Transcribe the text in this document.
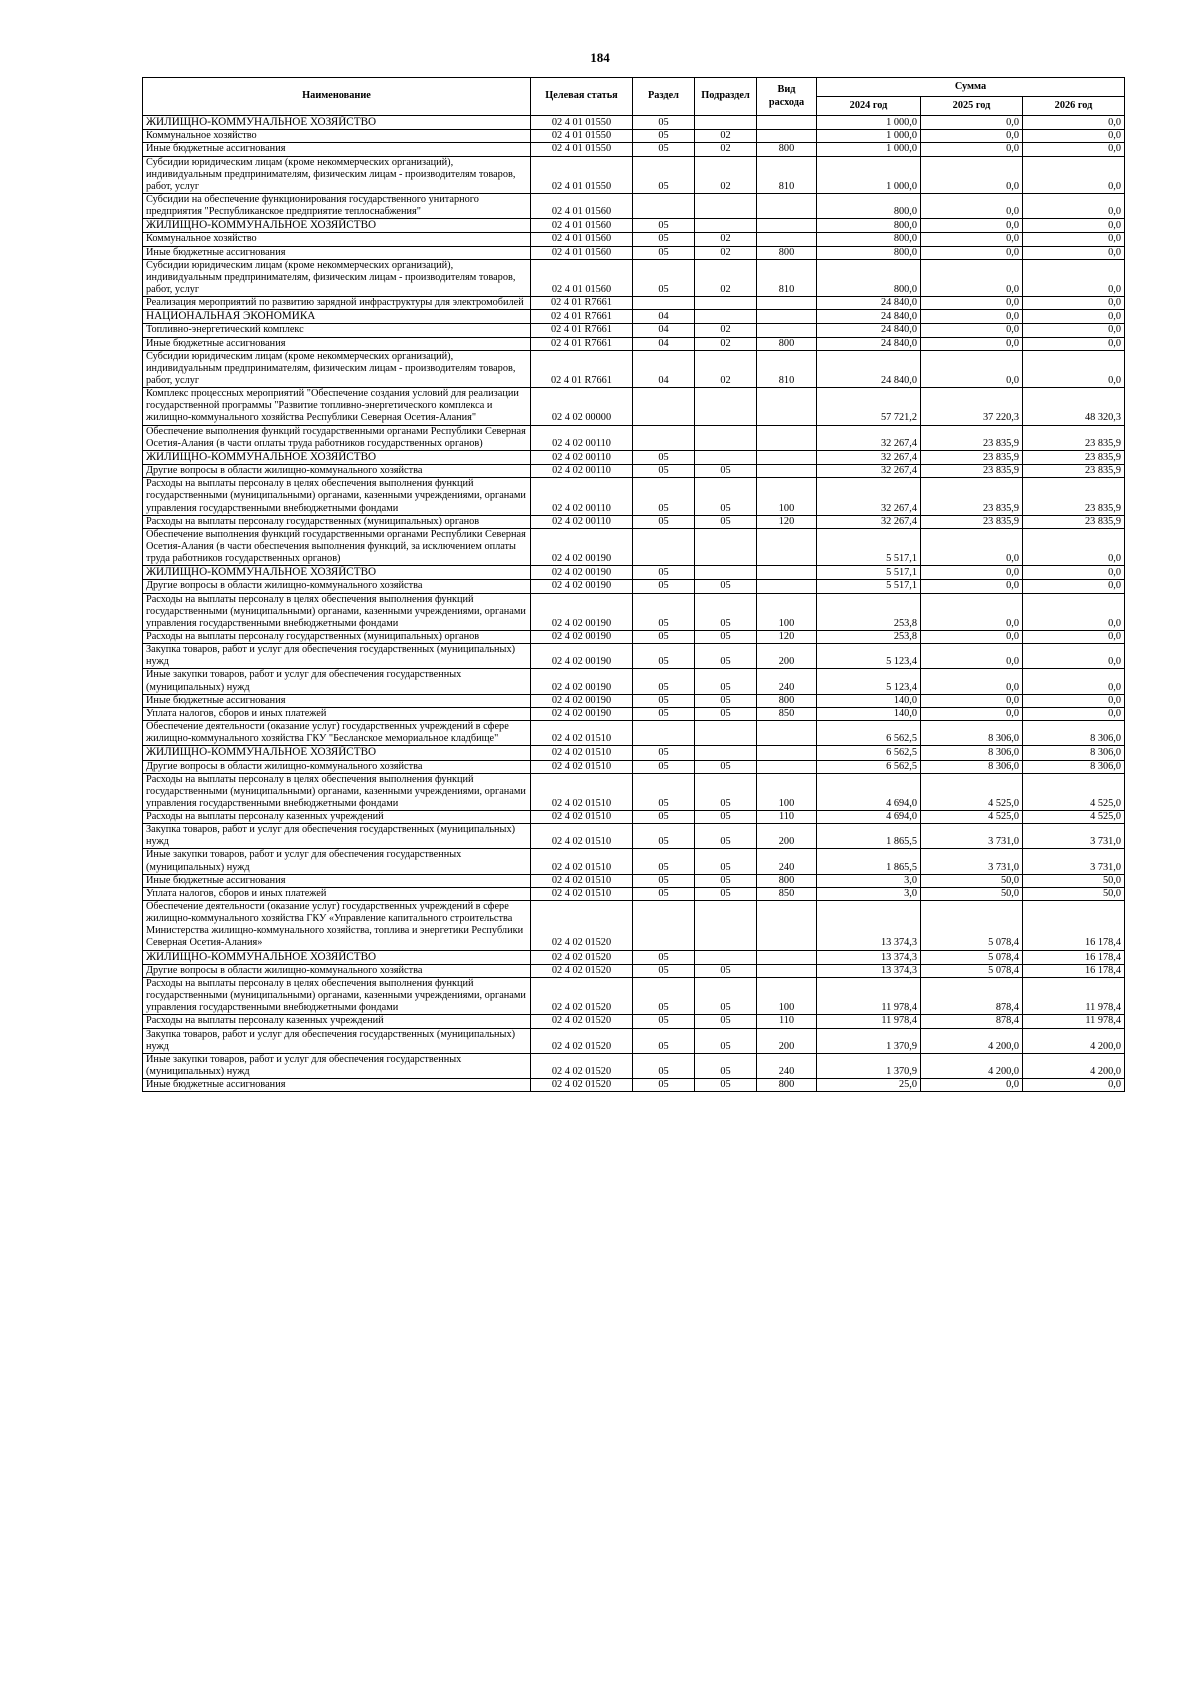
184
Наименование	Целевая статья	Раздел	Подраздел	Вид расхода	Сумма		
					2024 год	2025 год	2026 год
ЖИЛИЩНО-КОММУНАЛЬНОЕ ХОЗЯЙСТВО	02 4 01 01550	05			1 000,0	0,0	0,0
Коммунальное хозяйство	02 4 01 01550	05	02		1 000,0	0,0	0,0
Иные бюджетные ассигнования	02 4 01 01550	05	02	800	1 000,0	0,0	0,0
Субсидии юридическим лицам (кроме некоммерческих организаций), индивидуальным предпринимателям, физическим лицам - производителям товаров, работ, услуг	02 4 01 01550	05	02	810	1 000,0	0,0	0,0
Субсидии на обеспечение функционирования государственного унитарного предприятия "Республиканское предприятие теплоснабжения"	02 4 01 01560				800,0	0,0	0,0
ЖИЛИЩНО-КОММУНАЛЬНОЕ ХОЗЯЙСТВО	02 4 01 01560	05			800,0	0,0	0,0
Коммунальное хозяйство	02 4 01 01560	05	02		800,0	0,0	0,0
Иные бюджетные ассигнования	02 4 01 01560	05	02	800	800,0	0,0	0,0
Субсидии юридическим лицам (кроме некоммерческих организаций), индивидуальным предпринимателям, физическим лицам - производителям товаров, работ, услуг	02 4 01 01560	05	02	810	800,0	0,0	0,0
Реализация мероприятий по развитию зарядной инфраструктуры для электромобилей	02 4 01 R7661				24 840,0	0,0	0,0
НАЦИОНАЛЬНАЯ ЭКОНОМИКА	02 4 01 R7661	04			24 840,0	0,0	0,0
Топливно-энергетический комплекс	02 4 01 R7661	04	02		24 840,0	0,0	0,0
Иные бюджетные ассигнования	02 4 01 R7661	04	02	800	24 840,0	0,0	0,0
Субсидии юридическим лицам (кроме некоммерческих организаций), индивидуальным предпринимателям, физическим лицам - производителям товаров, работ, услуг	02 4 01 R7661	04	02	810	24 840,0	0,0	0,0
Комплекс процессных мероприятий "Обеспечение создания условий для реализации государственной программы "Развитие топливно-энергетического комплекса и жилищно-коммунального хозяйства Республики Северная Осетия-Алания"	02 4 02 00000				57 721,2	37 220,3	48 320,3
Обеспечение выполнения функций государственными органами Республики Северная Осетия-Алания (в части оплаты труда работников государственных органов)	02 4 02 00110				32 267,4	23 835,9	23 835,9
ЖИЛИЩНО-КОММУНАЛЬНОЕ ХОЗЯЙСТВО	02 4 02 00110	05			32 267,4	23 835,9	23 835,9
Другие вопросы в области жилищно-коммунального хозяйства	02 4 02 00110	05	05		32 267,4	23 835,9	23 835,9
Расходы на выплаты персоналу в целях обеспечения выполнения функций государственными (муниципальными) органами, казенными учреждениями, органами управления государственными внебюджетными фондами	02 4 02 00110	05	05	100	32 267,4	23 835,9	23 835,9
Расходы на выплаты персоналу государственных (муниципальных) органов	02 4 02 00110	05	05	120	32 267,4	23 835,9	23 835,9
Обеспечение выполнения функций государственными органами Республики Северная Осетия-Алания (в части обеспечения выполнения функций, за исключением оплаты труда работников государственных органов)	02 4 02 00190				5 517,1	0,0	0,0
ЖИЛИЩНО-КОММУНАЛЬНОЕ ХОЗЯЙСТВО	02 4 02 00190	05			5 517,1	0,0	0,0
Другие вопросы в области жилищно-коммунального хозяйства	02 4 02 00190	05	05		5 517,1	0,0	0,0
Расходы на выплаты персоналу в целях обеспечения выполнения функций государственными (муниципальными) органами, казенными учреждениями, органами управления государственными внебюджетными фондами	02 4 02 00190	05	05	100	253,8	0,0	0,0
Расходы на выплаты персоналу государственных (муниципальных) органов	02 4 02 00190	05	05	120	253,8	0,0	0,0
Закупка товаров, работ и услуг для обеспечения государственных (муниципальных) нужд	02 4 02 00190	05	05	200	5 123,4	0,0	0,0
Иные закупки товаров, работ и услуг для обеспечения государственных (муниципальных) нужд	02 4 02 00190	05	05	240	5 123,4	0,0	0,0
Иные бюджетные ассигнования	02 4 02 00190	05	05	800	140,0	0,0	0,0
Уплата налогов, сборов и иных платежей	02 4 02 00190	05	05	850	140,0	0,0	0,0
Обеспечение деятельности (оказание услуг) государственных учреждений в сфере жилищно-коммунального хозяйства ГКУ "Бесланское мемориальное кладбище"	02 4 02 01510				6 562,5	8 306,0	8 306,0
ЖИЛИЩНО-КОММУНАЛЬНОЕ ХОЗЯЙСТВО	02 4 02 01510	05			6 562,5	8 306,0	8 306,0
Другие вопросы в области жилищно-коммунального хозяйства	02 4 02 01510	05	05		6 562,5	8 306,0	8 306,0
Расходы на выплаты персоналу в целях обеспечения выполнения функций государственными (муниципальными) органами, казенными учреждениями, органами управления государственными внебюджетными фондами	02 4 02 01510	05	05	100	4 694,0	4 525,0	4 525,0
Расходы на выплаты персоналу казенных учреждений	02 4 02 01510	05	05	110	4 694,0	4 525,0	4 525,0
Закупка товаров, работ и услуг для обеспечения государственных (муниципальных) нужд	02 4 02 01510	05	05	200	1 865,5	3 731,0	3 731,0
Иные закупки товаров, работ и услуг для обеспечения государственных (муниципальных) нужд	02 4 02 01510	05	05	240	1 865,5	3 731,0	3 731,0
Иные бюджетные ассигнования	02 4 02 01510	05	05	800	3,0	50,0	50,0
Уплата налогов, сборов и иных платежей	02 4 02 01510	05	05	850	3,0	50,0	50,0
Обеспечение деятельности (оказание услуг) государственных учреждений в сфере жилищно-коммунального хозяйства ГКУ «Управление капитального строительства Министерства жилищно-коммунального хозяйства, топлива и энергетики Республики Северная Осетия-Алания»	02 4 02 01520				13 374,3	5 078,4	16 178,4
ЖИЛИЩНО-КОММУНАЛЬНОЕ ХОЗЯЙСТВО	02 4 02 01520	05			13 374,3	5 078,4	16 178,4
Другие вопросы в области жилищно-коммунального хозяйства	02 4 02 01520	05	05		13 374,3	5 078,4	16 178,4
Расходы на выплаты персоналу в целях обеспечения выполнения функций государственными (муниципальными) органами, казенными учреждениями, органами управления государственными внебюджетными фондами	02 4 02 01520	05	05	100	11 978,4	878,4	11 978,4
Расходы на выплаты персоналу казенных учреждений	02 4 02 01520	05	05	110	11 978,4	878,4	11 978,4
Закупка товаров, работ и услуг для обеспечения государственных (муниципальных) нужд	02 4 02 01520	05	05	200	1 370,9	4 200,0	4 200,0
Иные закупки товаров, работ и услуг для обеспечения государственных (муниципальных) нужд	02 4 02 01520	05	05	240	1 370,9	4 200,0	4 200,0
Иные бюджетные ассигнования	02 4 02 01520	05	05	800	25,0	0,0	0,0
